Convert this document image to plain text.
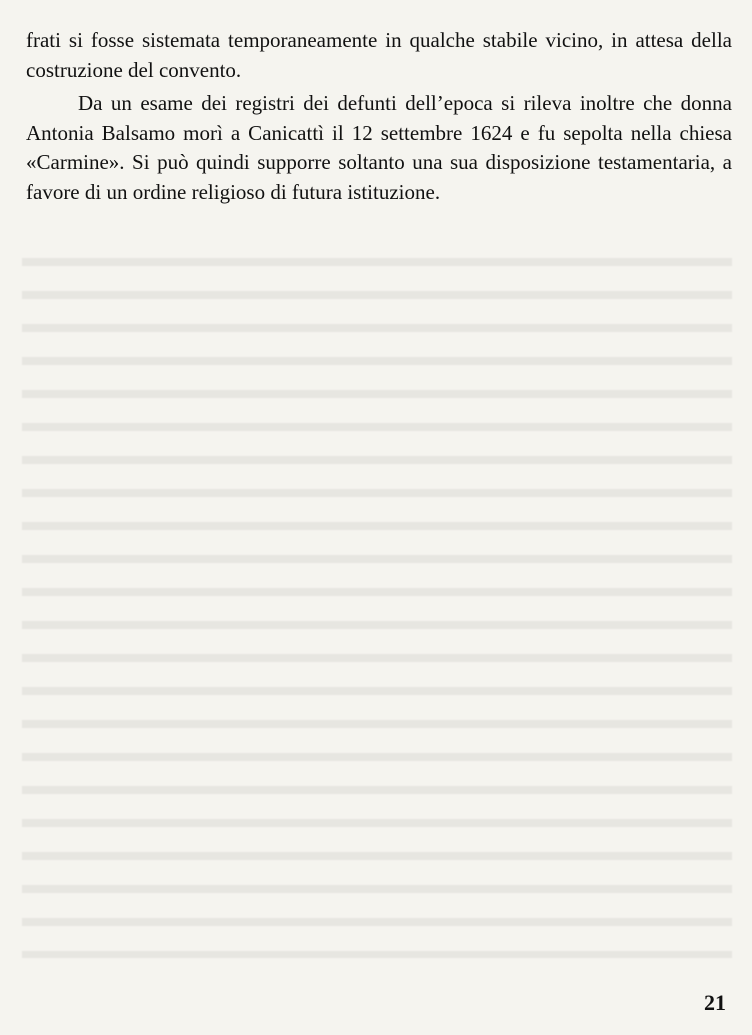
frati si fosse sistemata temporaneamente in qualche stabile vicino, in attesa della costruzione del convento.

Da un esame dei registri dei defunti dell’epoca si rileva inoltre che donna Antonia Balsamo morì a Canicattì il 12 settembre 1624 e fu sepolta nella chiesa «Carmine». Si può quindi supporre soltanto una sua disposizione testamentaria, a favore di un ordine religioso di futura istituzione.

21
